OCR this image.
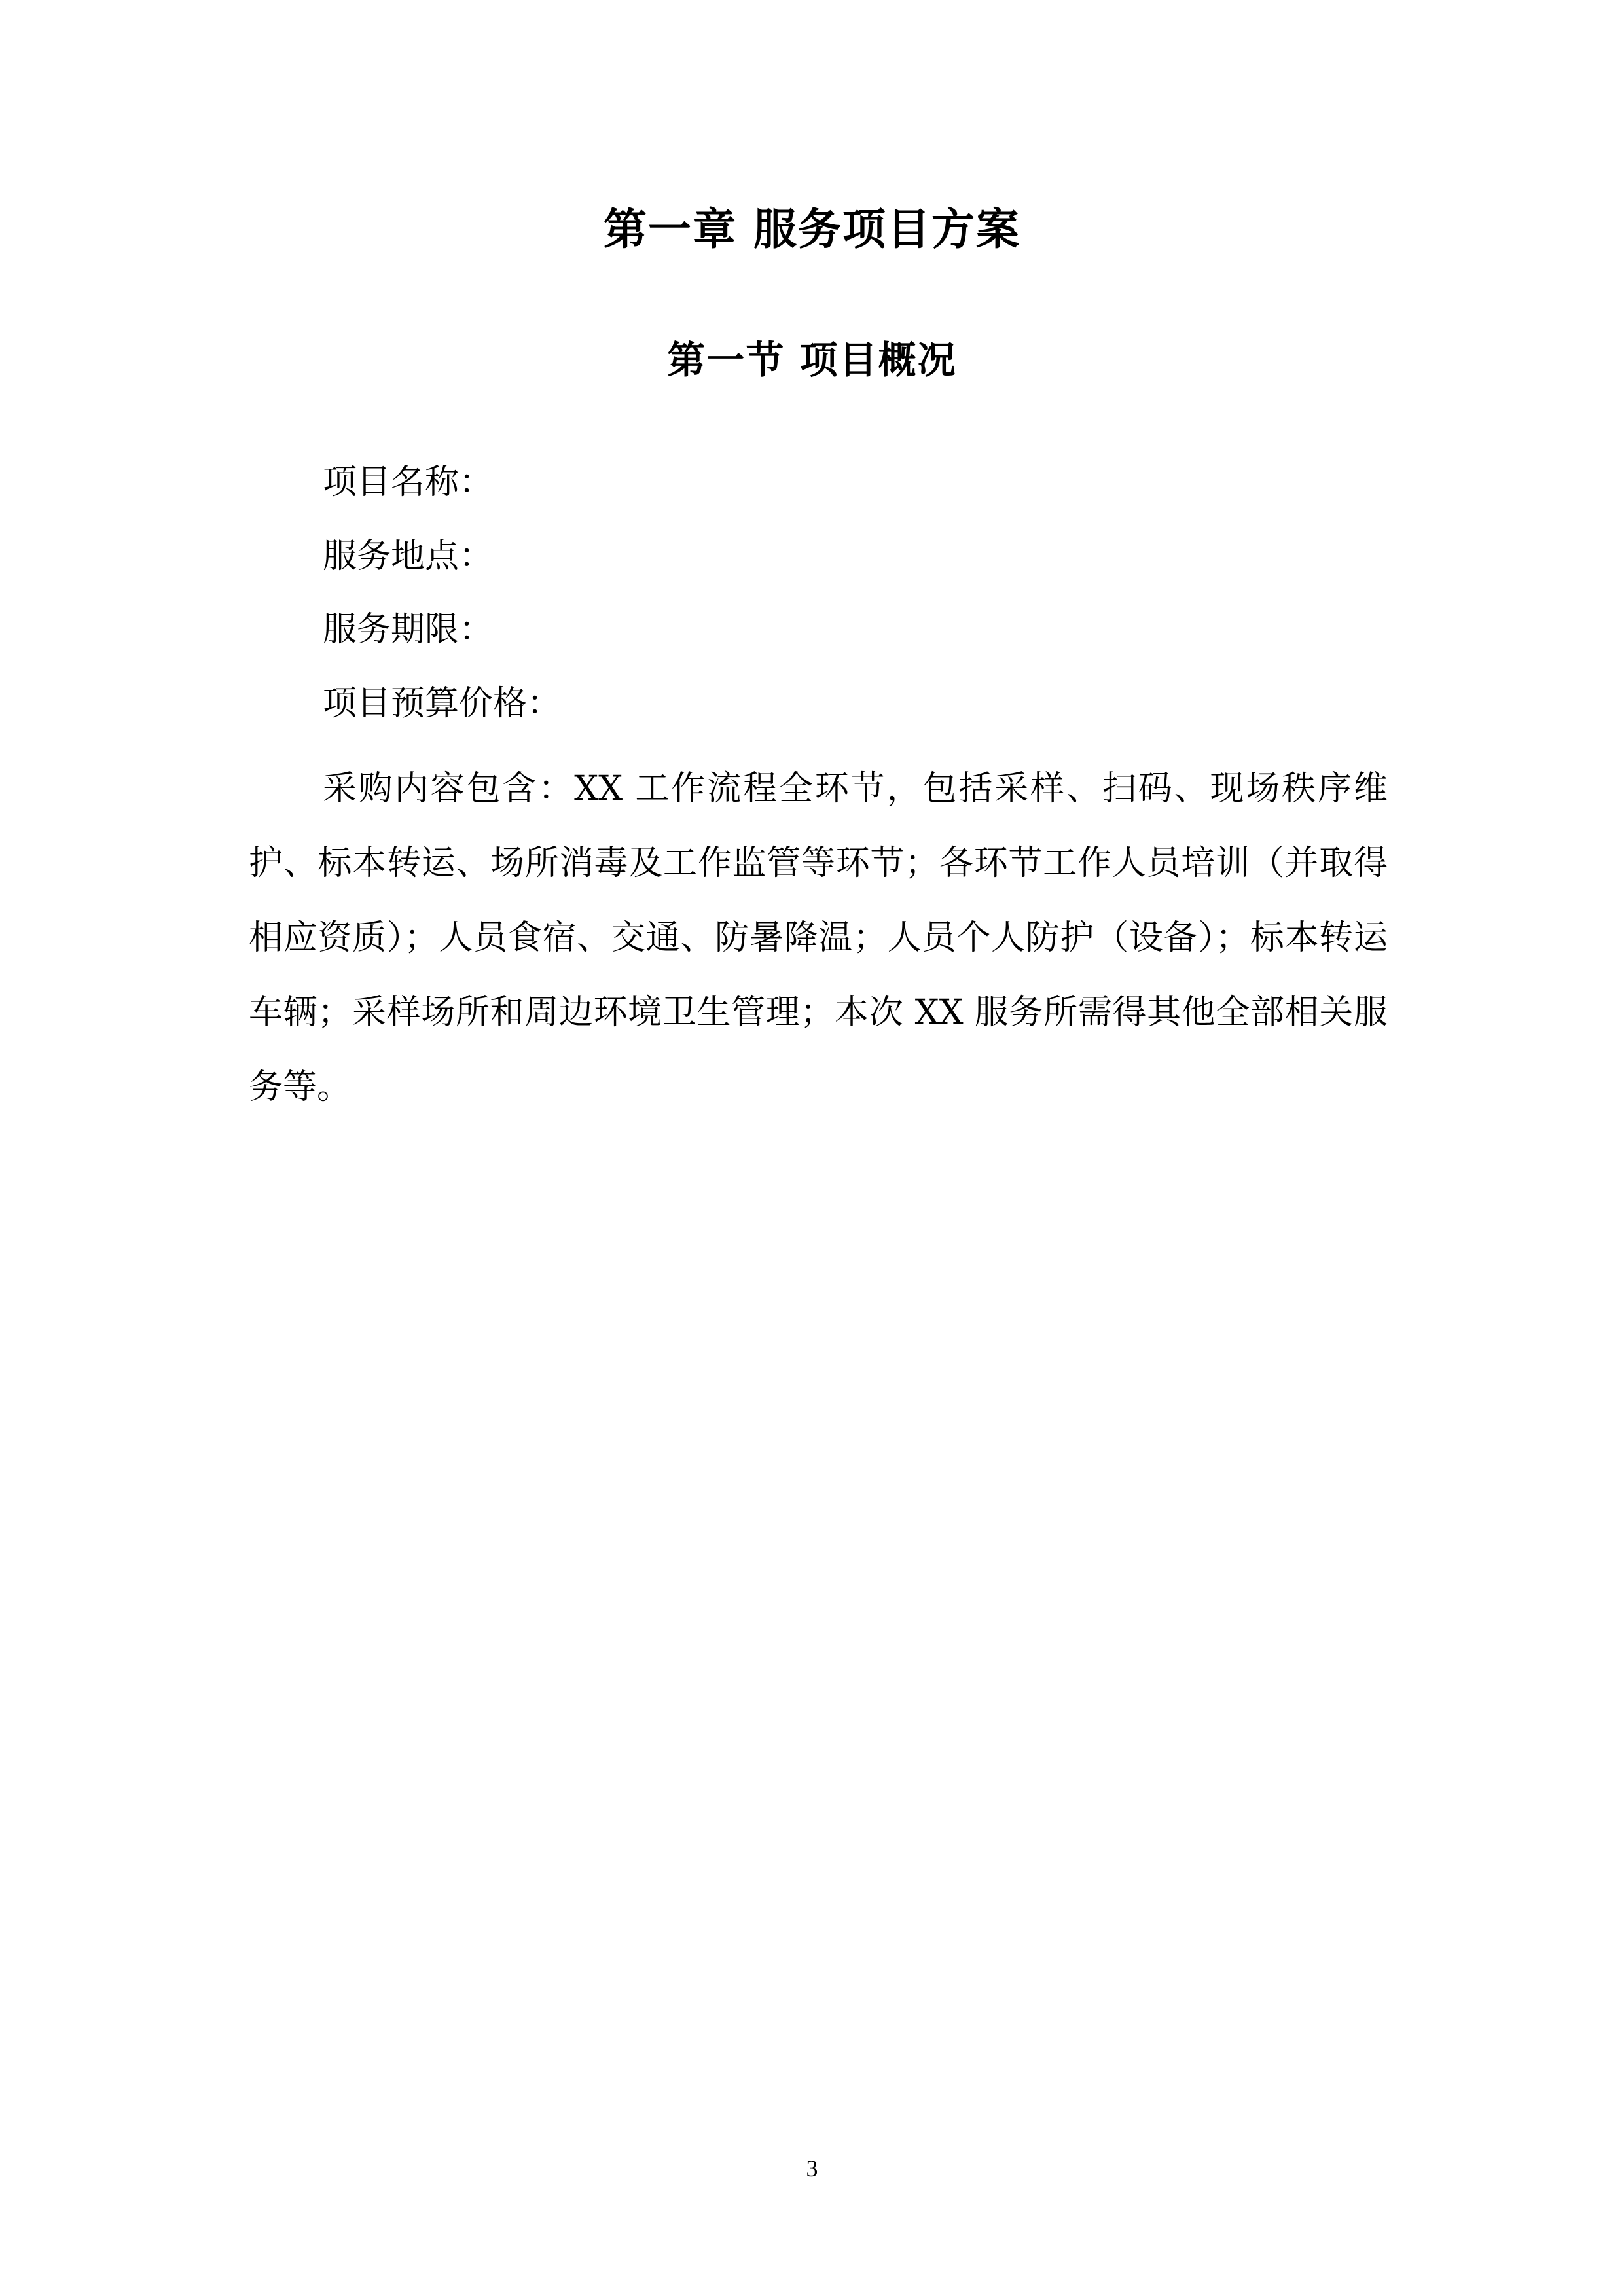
第一章 服务项目方案
第一节 项目概况
项目名称：
服务地点：
服务期限：
项目预算价格：

采购内容包含：XX 工作流程全环节，包括采样、扫码、现场秩序维护、标本转运、场所消毒及工作监管等环节；各环节工作人员培训（并取得相应资质）；人员食宿、交通、防暑降温；人员个人防护（设备）；标本转运车辆；采样场所和周边环境卫生管理；本次 XX 服务所需得其他全部相关服务等。

3
